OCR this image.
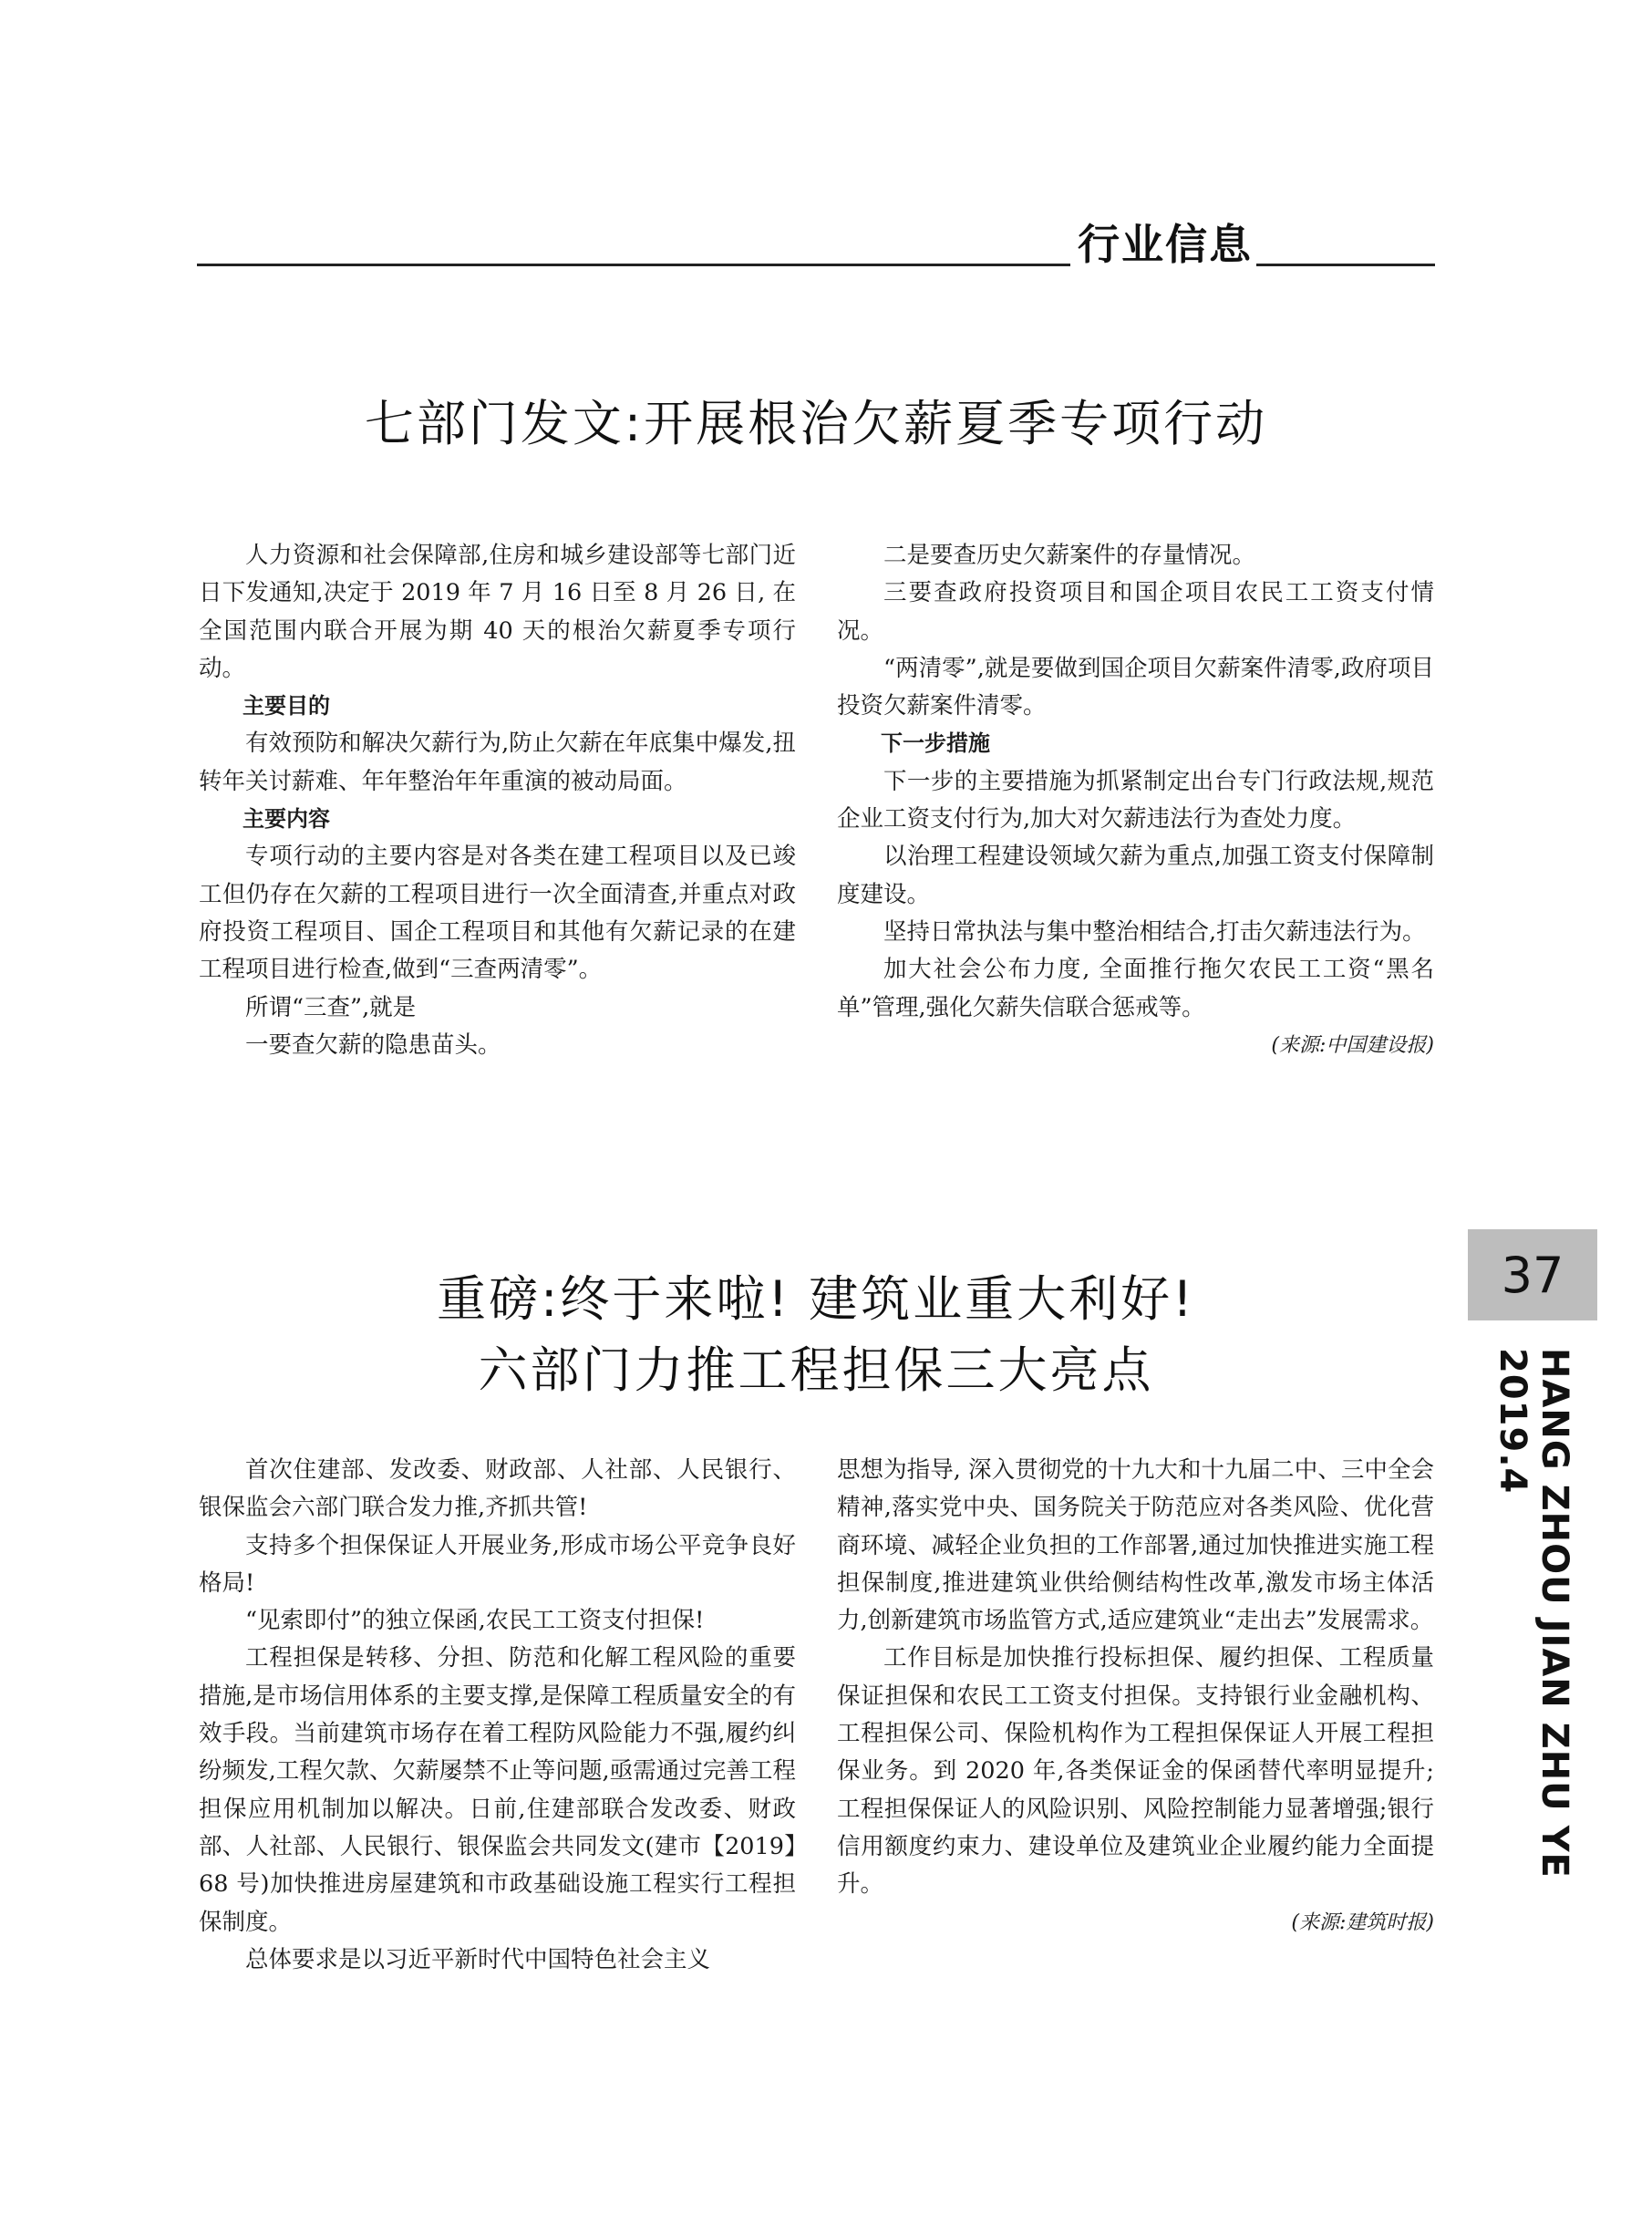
行业信息
七部门发文:开展根治欠薪夏季专项行动

人力资源和社会保障部,住房和城乡建设部等七部门近日下发通知,决定于 2019 年 7 月 16 日至 8 月 26 日, 在全国范围内联合开展为期 40 天的根治欠薪夏季专项行动。

主要目的

有效预防和解决欠薪行为,防止欠薪在年底集中爆发,扭转年关讨薪难、年年整治年年重演的被动局面。

主要内容

专项行动的主要内容是对各类在建工程项目以及已竣工但仍存在欠薪的工程项目进行一次全面清查,并重点对政府投资工程项目、国企工程项目和其他有欠薪记录的在建工程项目进行检查,做到“三查两清零”。

所谓“三查”,就是

一要查欠薪的隐患苗头。

二是要查历史欠薪案件的存量情况。

三要查政府投资项目和国企项目农民工工资支付情况。

“两清零”,就是要做到国企项目欠薪案件清零,政府项目投资欠薪案件清零。

下一步措施

下一步的主要措施为抓紧制定出台专门行政法规,规范企业工资支付行为,加大对欠薪违法行为查处力度。

以治理工程建设领域欠薪为重点,加强工资支付保障制度建设。

坚持日常执法与集中整治相结合,打击欠薪违法行为。

加大社会公布力度, 全面推行拖欠农民工工资“黑名单”管理,强化欠薪失信联合惩戒等。

(来源:中国建设报)

重磅:终于来啦! 建筑业重大利好!
六部门力推工程担保三大亮点

首次住建部、发改委、财政部、人社部、人民银行、银保监会六部门联合发力推,齐抓共管!

支持多个担保保证人开展业务,形成市场公平竞争良好格局!

“见索即付”的独立保函,农民工工资支付担保!

工程担保是转移、分担、防范和化解工程风险的重要措施,是市场信用体系的主要支撑,是保障工程质量安全的有效手段。当前建筑市场存在着工程防风险能力不强,履约纠纷频发,工程欠款、欠薪屡禁不止等问题,亟需通过完善工程担保应用机制加以解决。日前,住建部联合发改委、财政部、人社部、人民银行、银保监会共同发文(建市【2019】68 号)加快推进房屋建筑和市政基础设施工程实行工程担保制度。

总体要求是以习近平新时代中国特色社会主义

思想为指导, 深入贯彻党的十九大和十九届二中、三中全会精神,落实党中央、国务院关于防范应对各类风险、优化营商环境、减轻企业负担的工作部署,通过加快推进实施工程担保制度,推进建筑业供给侧结构性改革,激发市场主体活力,创新建筑市场监管方式,适应建筑业“走出去”发展需求。

工作目标是加快推行投标担保、履约担保、工程质量保证担保和农民工工资支付担保。支持银行业金融机构、工程担保公司、保险机构作为工程担保保证人开展工程担保业务。到 2020 年,各类保证金的保函替代率明显提升;工程担保保证人的风险识别、风险控制能力显著增强;银行信用额度约束力、建设单位及建筑业企业履约能力全面提升。

(来源:建筑时报)

37
HANG ZHOU JIAN ZHU YE 2019.4
